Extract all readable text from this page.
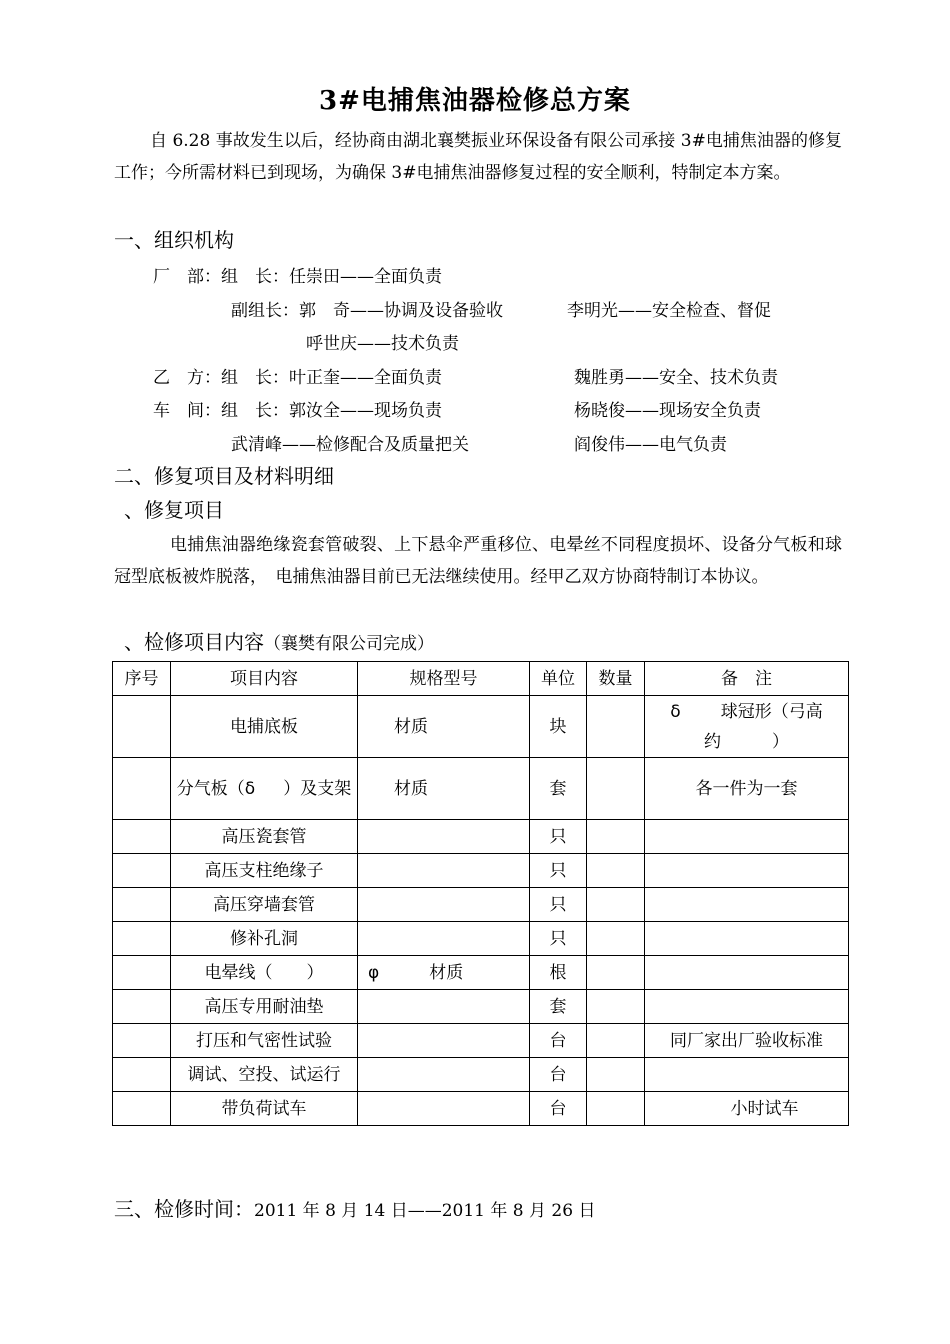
3#电捕焦油器检修总方案
自 6.28 事故发生以后，经协商由湖北襄樊振业环保设备有限公司承接 3#电捕焦油器的修复工作；今所需材料已到现场，为确保 3#电捕焦油器修复过程的安全顺利，特制定本方案。
一、组织机构
厂　部：组　长：任崇田——全面负责
副组长：郭　奇——协调及设备验收	李明光——安全检查、督促
呼世庆——技术负责
乙　方：组　长：叶正奎——全面负责	魏胜勇——安全、技术负责
车　间：组　长：郭汝全——现场负责	杨晓俊——现场安全负责
武清峰——检修配合及质量把关	阎俊伟——电气负责
二、修复项目及材料明细
、修复项目
电捕焦油器绝缘瓷套管破裂、上下悬伞严重移位、电晕丝不同程度损坏、设备分气板和球冠型底板被炸脱落，　电捕焦油器目前已无法继续使用。经甲乙双方协商特制订本协议。
、检修项目内容（襄樊有限公司完成）
序号	项目内容	规格型号	单位	数量	备　注
	电捕底板	材质	块		δ 球冠形（弓高约　　　）
	分气板（δ ）及支架	材质	套		各一件为一套
	高压瓷套管		只		
	高压支柱绝缘子		只		
	高压穿墙套管		只		
	修补孔洞		只		
	电晕线（　　）	φ 材质	根		
	高压专用耐油垫		套		
	打压和气密性试验		台		同厂家出厂验收标准
	调试、空投、试运行		台		
	带负荷试车		台		小时试车
三、检修时间：2011 年 8 月 14 日——2011 年 8 月 26 日
